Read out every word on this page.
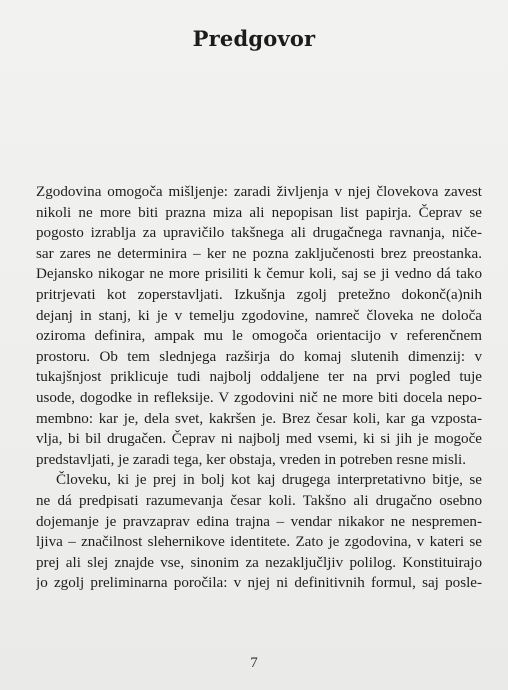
Predgovor
Zgodovina omogoča mišljenje: zaradi življenja v njej človekova zavest
nikoli ne more biti prazna miza ali nepopisan list papirja. Čeprav se
pogosto izrablja za upravičilo takšnega ali drugačnega ravnanja, niče-
sar zares ne determinira – ker ne pozna zaključenosti brez preostanka.
Dejansko nikogar ne more prisiliti k čemur koli, saj se ji vedno dá tako
pritrjevati kot zoperstavljati. Izkušnja zgolj pretežno dokonč(a)nih
dejanj in stanj, ki je v temelju zgodovine, namreč človeka ne določa
oziroma definira, ampak mu le omogoča orientacijo v referenčnem
prostoru. Ob tem slednjega razširja do komaj slutenih dimenzij: v
tukajšnjost priklicuje tudi najbolj oddaljene ter na prvi pogled tuje
usode, dogodke in refleksije. V zgodovini nič ne more biti docela nepo-
membno: kar je, dela svet, kakršen je. Brez česar koli, kar ga vzposta-
vlja, bi bil drugačen. Čeprav ni najbolj med vsemi, ki si jih je mogoče
predstavljati, je zaradi tega, ker obstaja, vreden in potreben resne misli.
Človeku, ki je prej in bolj kot kaj drugega interpretativno bitje, se
ne dá predpisati razumevanja česar koli. Takšno ali drugačno osebno
dojemanje je pravzaprav edina trajna – vendar nikakor ne nespremen-
ljiva – značilnost slehernikove identitete. Zato je zgodovina, v kateri se
prej ali slej znajde vse, sinonim za nezaključljiv polilog. Konstituirajo
jo zgolj preliminarna poročila: v njej ni definitivnih formul, saj posle-
7
